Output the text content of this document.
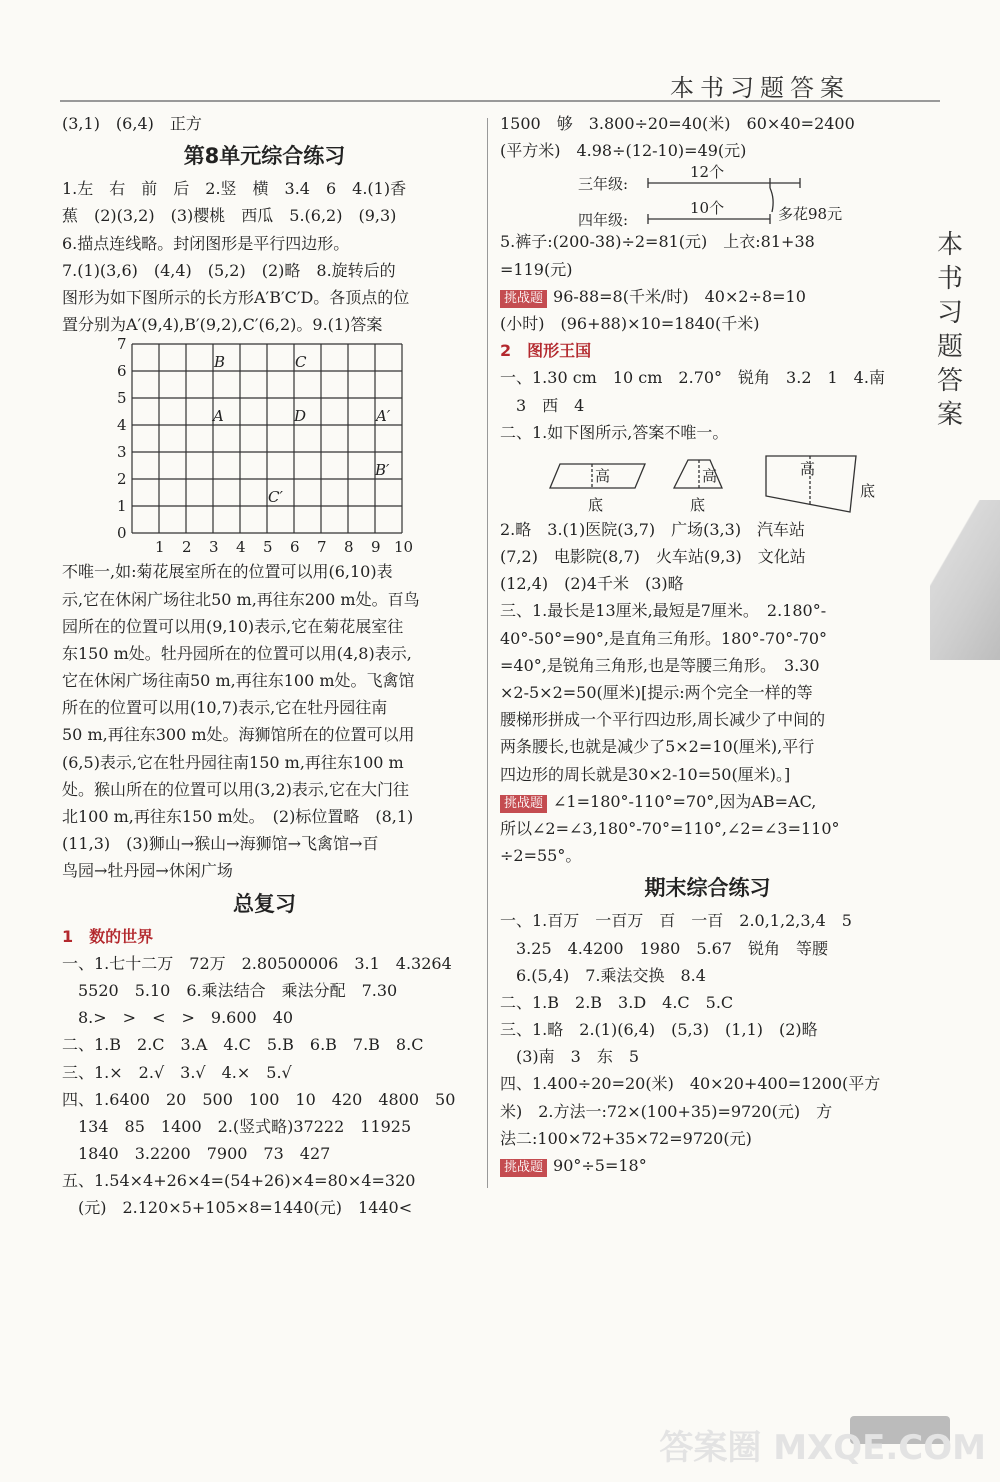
本书习题答案
本书习题答案
(3,1)　(6,4)　正方
第8单元综合练习
1.左　右　前　后　2.竖　横　3.4　6　4.(1)香
蕉　(2)(3,2)　(3)樱桃　西瓜　5.(6,2)　(9,3)
6.描点连线略。封闭图形是平行四边形。
7.(1)(3,6)　(4,4)　(5,2)　(2)略　8.旋转后的
图形为如下图所示的长方形A′B′C′D。各顶点的位
置分别为A′(9,4),B′(9,2),C′(6,2)。9.(1)答案
7
6
5
4
3
2
1
0
1 2 3 4 5 6 7 8 9 10
B	C
A	D	A′
B′
C′
不唯一,如:菊花展室所在的位置可以用(6,10)表
示,它在休闲广场往北50 m,再往东200 m处。百鸟
园所在的位置可以用(9,10)表示,它在菊花展室往
东150 m处。牡丹园所在的位置可以用(4,8)表示,
它在休闲广场往南50 m,再往东100 m处。飞禽馆
所在的位置可以用(10,7)表示,它在牡丹园往南
50 m,再往东300 m处。海狮馆所在的位置可以用
(6,5)表示,它在牡丹园往南150 m,再往东100 m
处。猴山所在的位置可以用(3,2)表示,它在大门往
北100 m,再往东150 m处。　(2)标位置略　(8,1)
(11,3)　(3)狮山→猴山→海狮馆→飞禽馆→百
鸟园→牡丹园→休闲广场
总复习
1　数的世界
一、1.七十二万　72万　2.80500006　3.1　4.3264
　5520　5.10　6.乘法结合　乘法分配　7.30
　8.>　>　<　>　9.600　40
二、1.B　2.C　3.A　4.C　5.B　6.B　7.B　8.C
三、1.×　2.√　3.√　4.×　5.√
四、1.6400　20　500　100　10　420　4800　50
　134　85　1400　2.(竖式略)37222　11925
　1840　3.2200　7900　73　427
五、1.54×4+26×4=(54+26)×4=80×4=320
　(元)　2.120×5+105×8=1440(元)　1440<
1500　够　3.800÷20=40(米)　60×40=2400
(平方米)　4.98÷(12-10)=49(元)
三年级:
四年级:
12个
10个	多花98元
5.裤子:(200-38)÷2=81(元)　上衣:81+38
=119(元)
挑战题 96-88=8(千米/时)　40×2÷8=10
(小时)　(96+88)×10=1840(千米)
2　图形王国
一、1.30 cm　10 cm　2.70°　锐角　3.2　1　4.南
　3　西　4
二、1.如下图所示,答案不唯一。
高
底
高
底
高
底
2.略　3.(1)医院(3,7)　广场(3,3)　汽车站
(7,2)　电影院(8,7)　火车站(9,3)　文化站
(12,4)　(2)4千米　(3)略
三、1.最长是13厘米,最短是7厘米。　2.180°-
40°-50°=90°,是直角三角形。180°-70°-70°
=40°,是锐角三角形,也是等腰三角形。　3.30
×2-5×2=50(厘米)[提示:两个完全一样的等
腰梯形拼成一个平行四边形,周长减少了中间的
两条腰长,也就是减少了5×2=10(厘米),平行
四边形的周长就是30×2-10=50(厘米)。]
挑战题 ∠1=180°-110°=70°,因为AB=AC,
所以∠2=∠3,180°-70°=110°,∠2=∠3=110°
÷2=55°。
期末综合练习
一、1.百万　一百万　百　一百　2.0,1,2,3,4　5
　3.25　4.4200　1980　5.67　锐角　等腰
　6.(5,4)　7.乘法交换　8.4
二、1.B　2.B　3.D　4.C　5.C
三、1.略　2.(1)(6,4)　(5,3)　(1,1)　(2)略
　(3)南　3　东　5
四、1.400÷20=20(米)　40×20+400=1200(平方
米)　2.方法一:72×(100+35)=9720(元)　方
法二:100×72+35×72=9720(元)
挑战题 90°÷5=18°
答案圈 MXQE.COM
